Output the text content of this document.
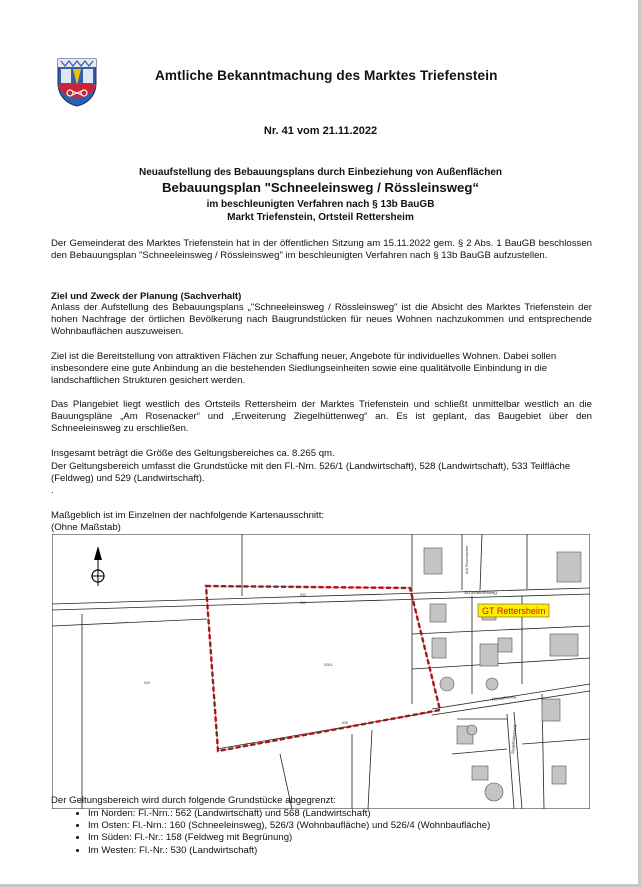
Amtliche Bekanntmachung des Marktes Triefenstein
Nr. 41 vom 21.11.2022
Neuaufstellung des Bebauungsplans durch Einbeziehung von Außenflächen
Bebauungsplan "Schneeleinsweg / Rössleinsweg“
im beschleunigten Verfahren nach § 13b BauGB
Markt Triefenstein, Ortsteil Rettersheim
Der Gemeinderat des Marktes Triefenstein hat in der öffentlichen Sitzung am 15.11.2022 gem. § 2 Abs. 1 BauGB beschlossen den Bebauungsplan "Schneeleinsweg / Rössleinsweg" im beschleunigten Verfahren nach § 13b BauGB aufzustellen.
Ziel und Zweck der Planung (Sachverhalt)
Anlass der Aufstellung des Bebauungsplans „"Schneeleinsweg / Rössleinsweg" ist die Absicht des Marktes Triefenstein der hohen Nachfrage der örtlichen Bevölkerung nach Baugrundstücken für neues Wohnen nachzukommen und entsprechende Wohnbauflächen auszuweisen.
Ziel ist die Bereitstellung von attraktiven Flächen zur Schaffung neuer, Angebote für individuelles Wohnen. Dabei sollen insbesondere eine gute Anbindung an die bestehenden Siedlungseinheiten sowie eine qualitätvolle Einbindung in die landschaftlichen Strukturen gesichert werden.
Das Plangebiet liegt westlich des Ortsteils Rettersheim der Marktes Triefenstein und schließt unmittelbar westlich an die Bauungspläne „Am Rosenacker“ und „Erweiterung Ziegelhüttenweg“ an. Es ist geplant, das Baugebiet über den Schneeleinsweg zu erschließen.
Insgesamt beträgt die Größe des Geltungsbereiches ca. 8.265 qm.
Der Geltungsbereich umfasst die Grundstücke mit den Fl.-Nrn. 526/1 (Landwirtschaft), 528 (Landwirtschaft), 533 Teilfläche (Feldweg) und 529 (Landwirtschaft).
.
Maßgeblich ist im Einzelnen der nachfolgende Kartenausschnitt:
(Ohne Maßstab)
Schneeleinsweg
Rösselsweg
Am Rosenacker
Ziegelhüttenweg
533
562
526/1
530
528
GT Rettersheim
Der Geltungsbereich wird durch folgende Grundstücke abgegrenzt:
• Im Norden: Fl.-Nrn.: 562 (Landwirtschaft) und 568 (Landwirtschaft)
• Im Osten: Fl.-Nrn.: 160 (Schneeleinsweg), 526/3 (Wohnbaufläche) und 526/4 (Wohnbaufläche)
• Im Süden: Fl.-Nr.: 158 (Feldweg mit Begrünung)
• Im Westen: Fl.-Nr.: 530 (Landwirtschaft)
